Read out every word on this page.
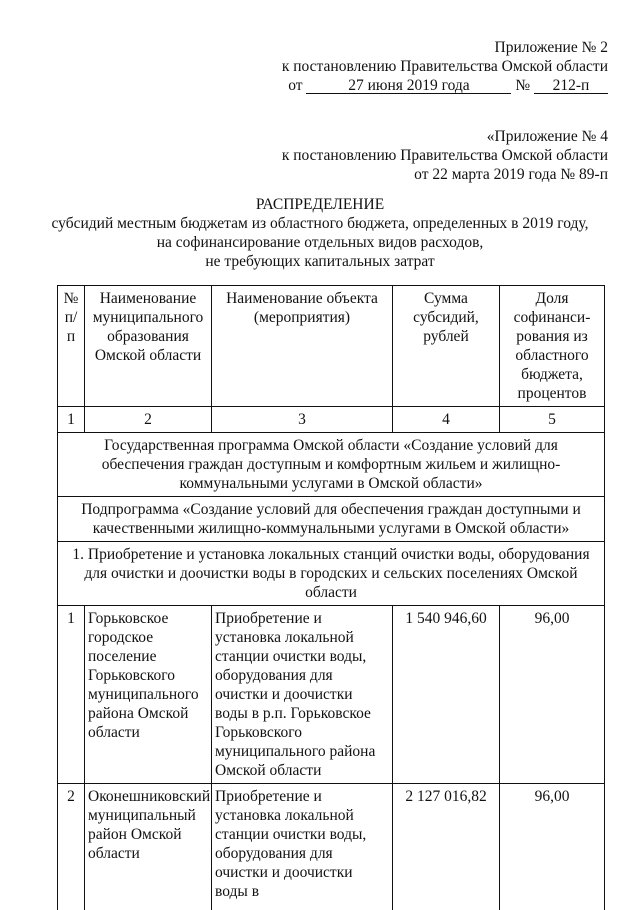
Приложение № 2
к постановлению Правительства Омской области
от	27 июня 2019 года	№ 212-п
«Приложение № 4
к постановлению Правительства Омской области
от 22 марта 2019 года № 89-п
РАСПРЕДЕЛЕНИЕ
субсидий местным бюджетам из областного бюджета, определенных в 2019 году,
на софинансирование отдельных видов расходов,
не требующих капитальных затрат
№ п/п	Наименование муниципального образования Омской области	Наименование объекта (мероприятия)	Сумма субсидий, рублей	Доля софинанси-рования из областного бюджета, процентов
1	2	3	4	5
Государственная программа Омской области «Создание условий для обеспечения граждан доступным и комфортным жильем и жилищно-коммунальными услугами в Омской области»				
Подпрограмма «Создание условий для обеспечения граждан доступными и качественными жилищно-коммунальными услугами в Омской области»				
1. Приобретение и установка локальных станций очистки воды, оборудования для очистки и доочистки воды в городских и сельских поселениях Омской области				
1	Горьковское городское поселение Горьковского муниципального района Омской области	Приобретение и установка локальной станции очистки воды, оборудования для очистки и доочистки воды в р.п. Горьковское Горьковского муниципального района Омской области	1 540 946,60	96,00
2	Оконешниковский муниципальный район Омской области	Приобретение и установка локальной станции очистки воды, оборудования для очистки и доочистки воды в	2 127 016,82	96,00
